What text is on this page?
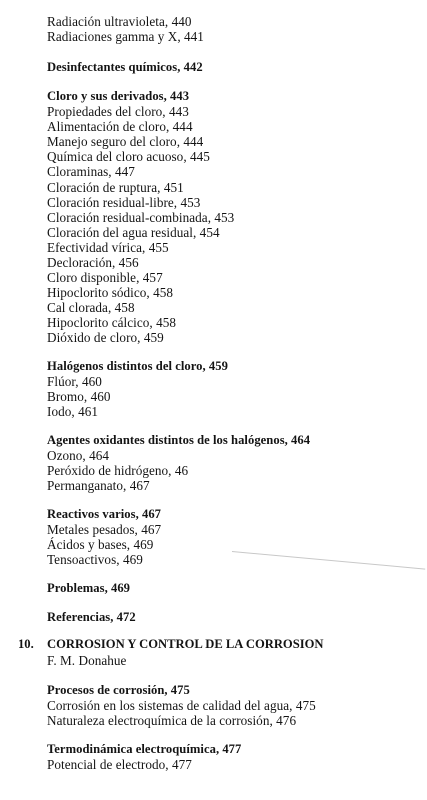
Radiación ultravioleta, 440
Radiaciones gamma y X, 441
Desinfectantes químicos, 442
Cloro y sus derivados, 443
Propiedades del cloro, 443
Alimentación de cloro, 444
Manejo seguro del cloro, 444
Química del cloro acuoso, 445
Cloraminas, 447
Cloración de ruptura, 451
Cloración residual-libre, 453
Cloración residual-combinada, 453
Cloración del agua residual, 454
Efectividad vírica, 455
Decloración, 456
Cloro disponible, 457
Hipoclorito sódico, 458
Cal clorada, 458
Hipoclorito cálcico, 458
Dióxido de cloro, 459
Halógenos distintos del cloro, 459
Flúor, 460
Bromo, 460
Iodo, 461
Agentes oxidantes distintos de los halógenos, 464
Ozono, 464
Peróxido de hidrógeno, 46
Permanganato, 467
Reactivos varios, 467
Metales pesados, 467
Ácidos y bases, 469
Tensoactivos, 469
Problemas, 469
Referencias, 472
10. CORROSION Y CONTROL DE LA CORROSION
F. M. Donahue
Procesos de corrosión, 475
Corrosión en los sistemas de calidad del agua, 475
Naturaleza electroquímica de la corrosión, 476
Termodinámica electroquímica, 477
Potencial de electrodo, 477
